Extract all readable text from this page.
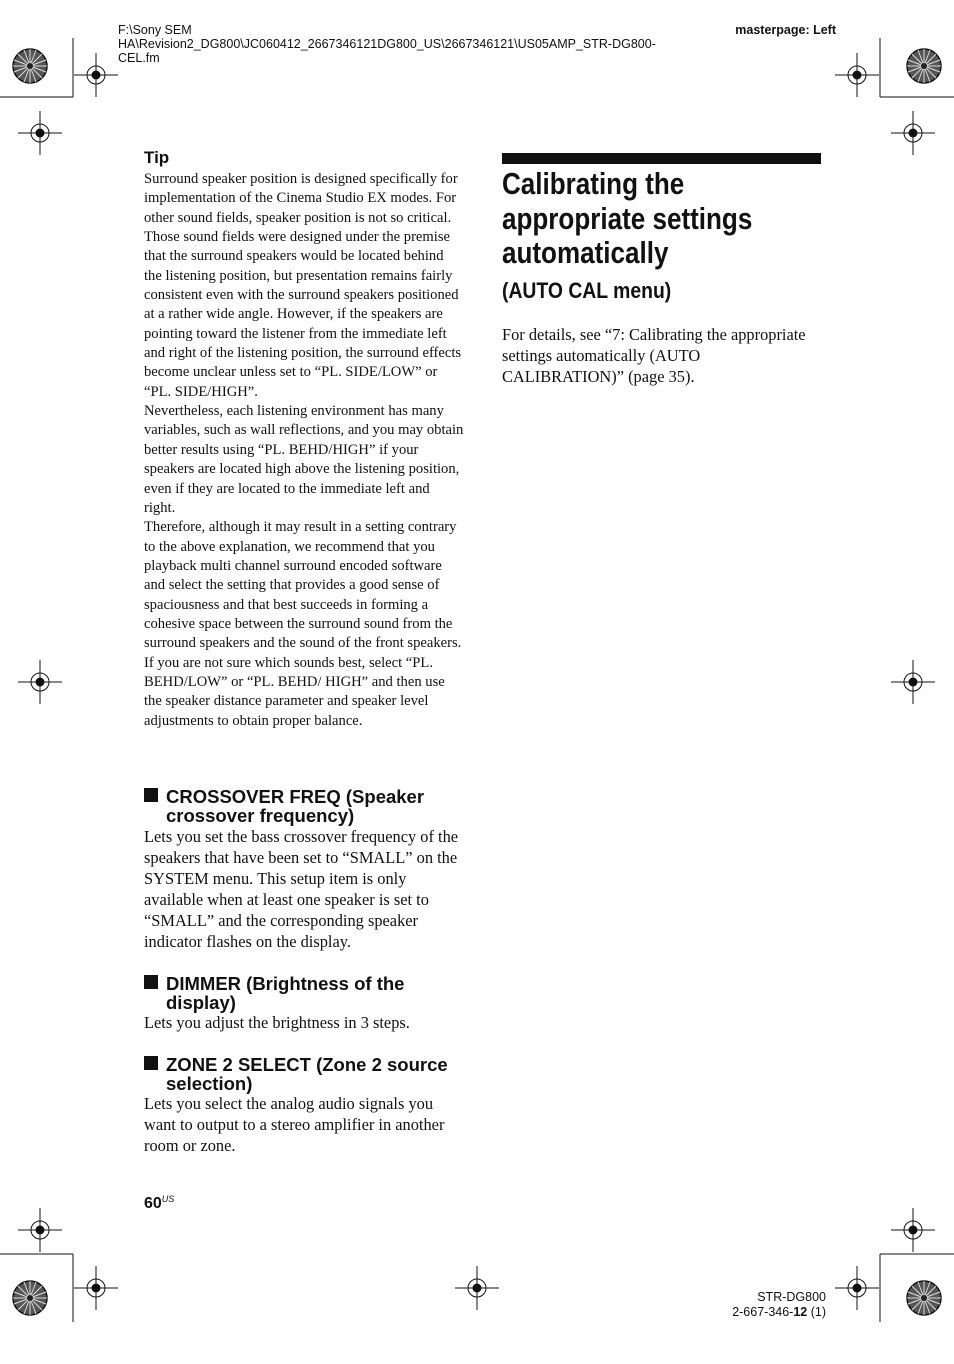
F:\Sony SEM
HA\Revision2_DG800\JC060412_2667346121DG800_US\2667346121\US05AMP_STR-DG800-
CEL.fm
masterpage: Left
Tip

Surround speaker position is designed specifically for implementation of the Cinema Studio EX modes. For other sound fields, speaker position is not so critical.

Those sound fields were designed under the premise that the surround speakers would be located behind the listening position, but presentation remains fairly consistent even with the surround speakers positioned at a rather wide angle. However, if the speakers are pointing toward the listener from the immediate left and right of the listening position, the surround effects become unclear unless set to “PL. SIDE/LOW” or “PL. SIDE/HIGH”.

Nevertheless, each listening environment has many variables, such as wall reflections, and you may obtain better results using “PL. BEHD/HIGH” if your speakers are located high above the listening position, even if they are located to the immediate left and right.

Therefore, although it may result in a setting contrary to the above explanation, we recommend that you playback multi channel surround encoded software and select the setting that provides a good sense of spaciousness and that best succeeds in forming a cohesive space between the surround sound from the surround speakers and the sound of the front speakers. If you are not sure which sounds best, select “PL. BEHD/LOW” or “PL. BEHD/ HIGH” and then use the speaker distance parameter and speaker level adjustments to obtain proper balance.

CROSSOVER FREQ (Speaker crossover frequency)

Lets you set the bass crossover frequency of the speakers that have been set to “SMALL” on the SYSTEM menu. This setup item is only available when at least one speaker is set to “SMALL” and the corresponding speaker indicator flashes on the display.

DIMMER (Brightness of the display)

Lets you adjust the brightness in 3 steps.

ZONE 2 SELECT (Zone 2 source selection)

Lets you select the analog audio signals you want to output to a stereo amplifier in another room or zone.

Calibrating the appropriate settings automatically
(AUTO CAL menu)

For details, see “7: Calibrating the appropriate settings automatically (AUTO CALIBRATION)” (page 35).

$60^{US}$
STR-DG800
2-667-346-12 (1)
